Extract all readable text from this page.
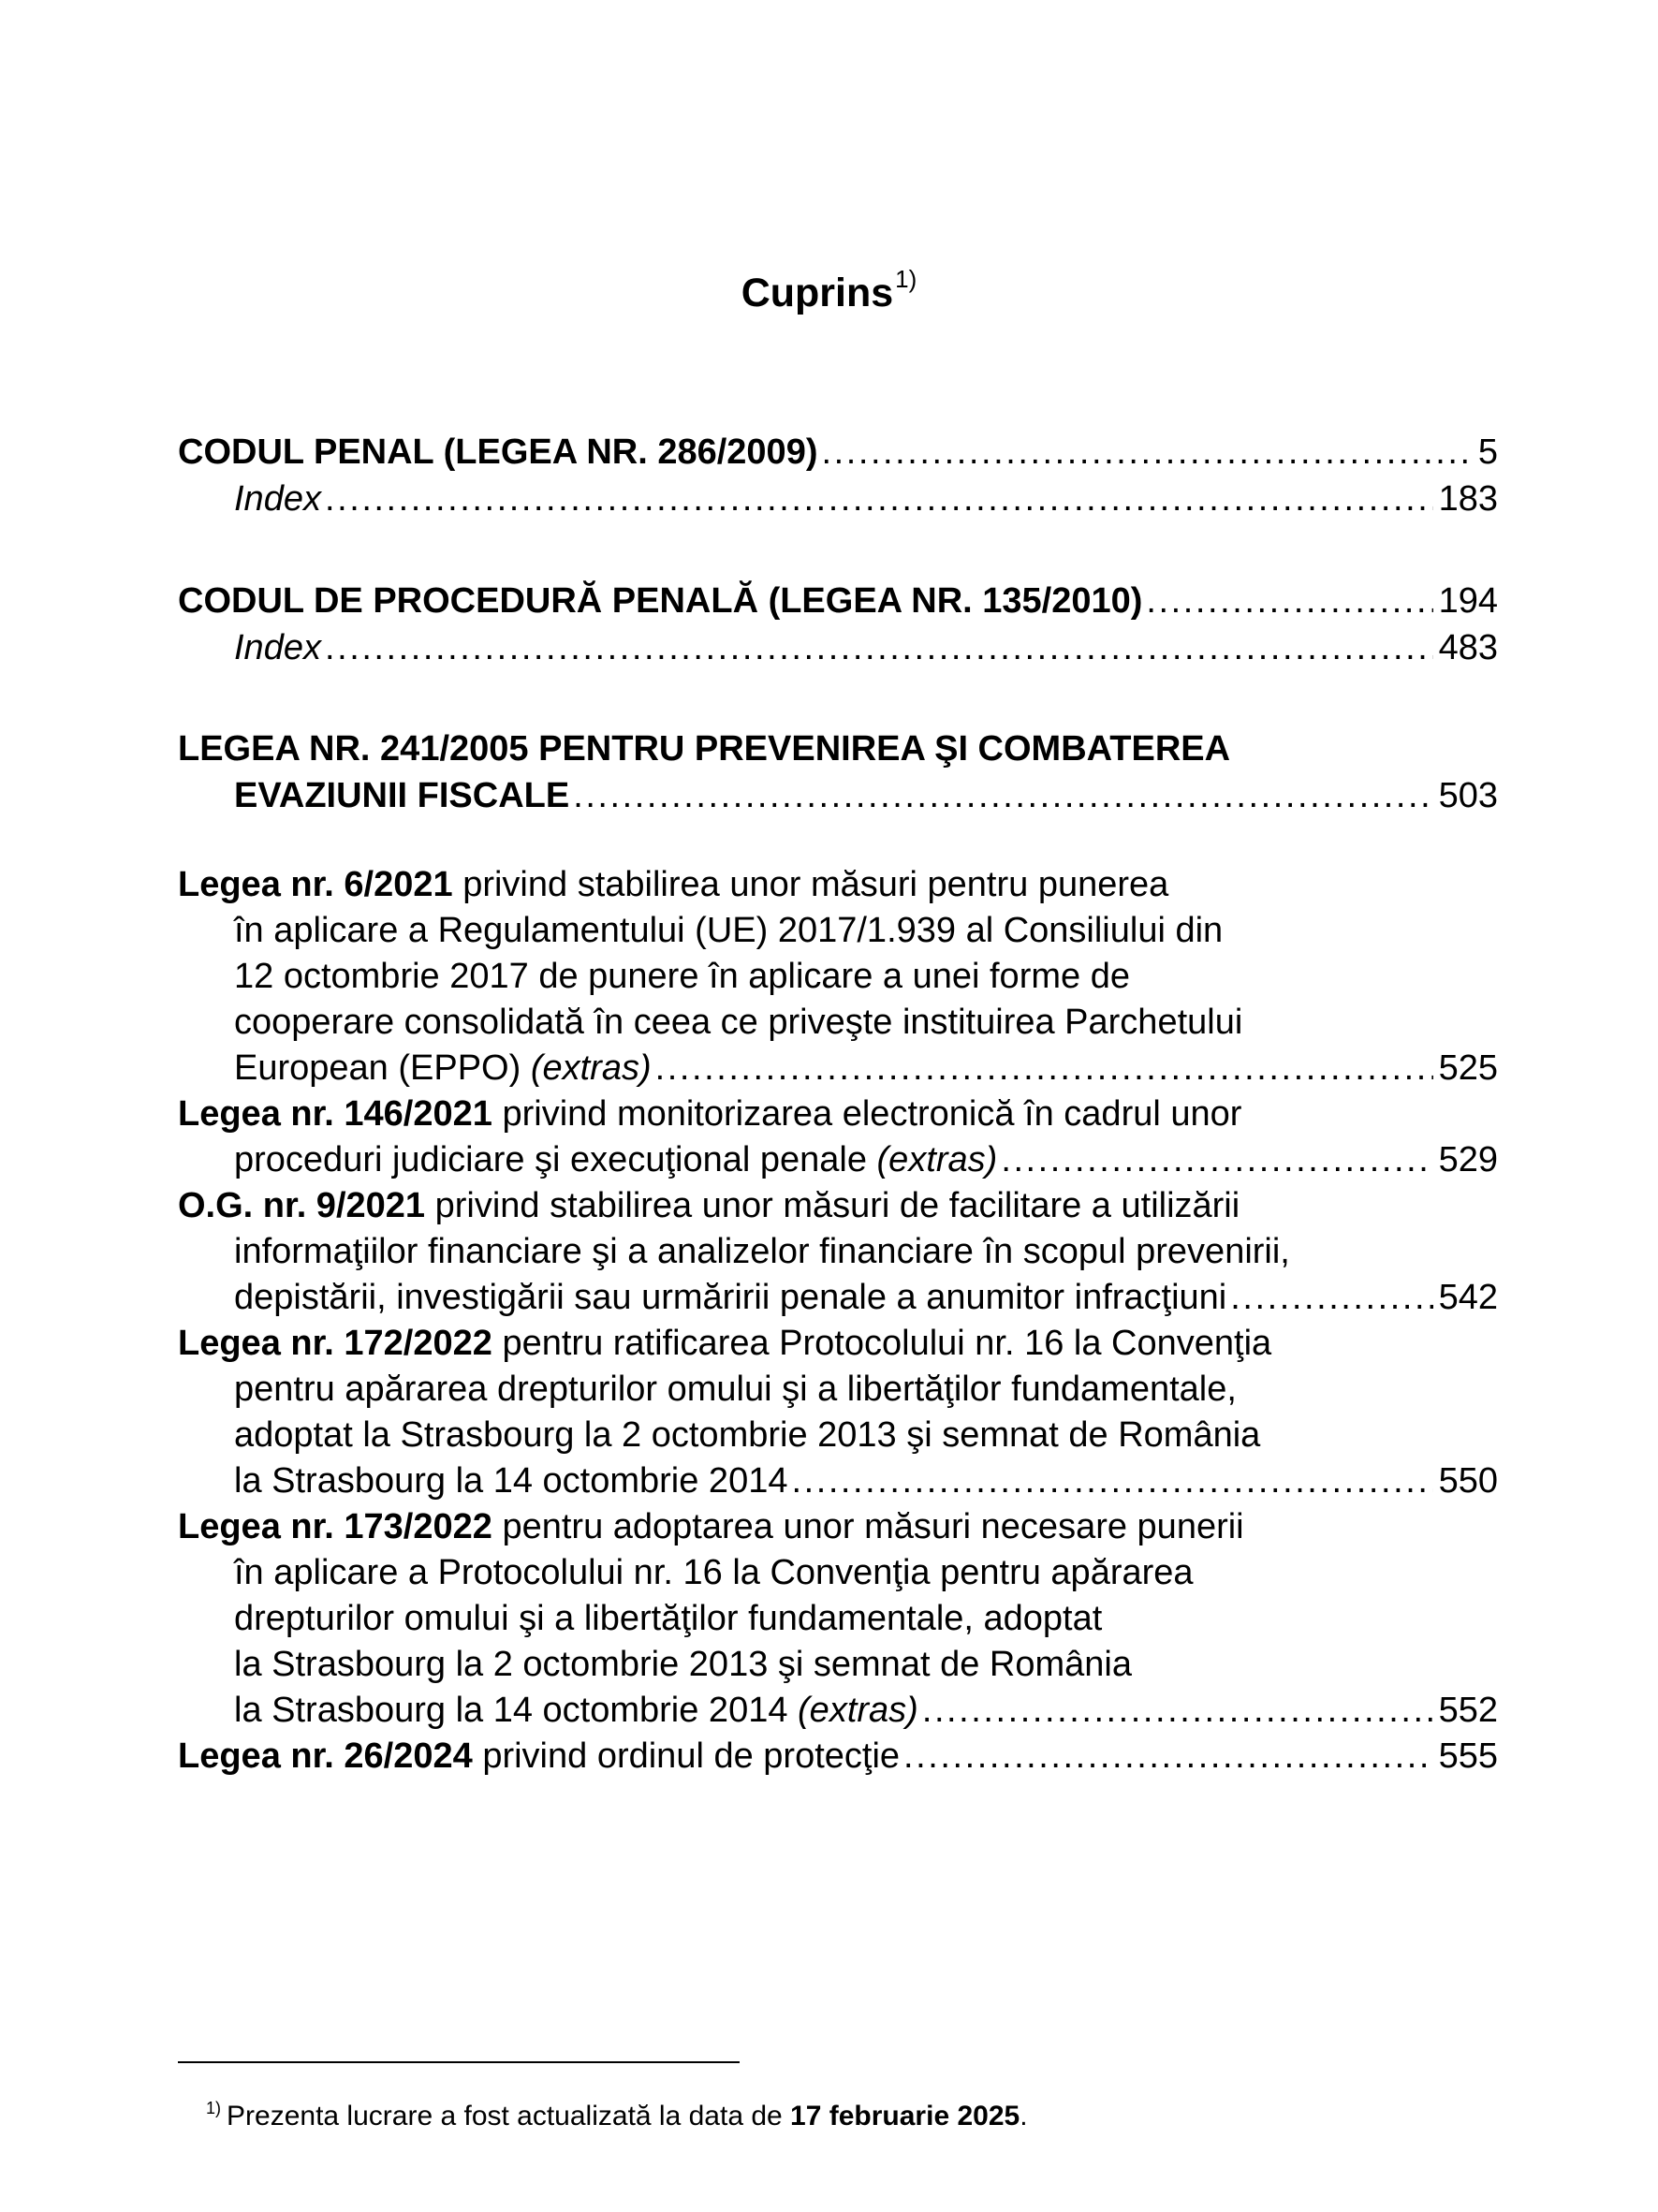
Cuprins$^{1)}$
CODUL PENAL (LEGEA NR. 286/2009) . . .	5
Index . . .	183
CODUL DE PROCEDURĂ PENALĂ (LEGEA NR. 135/2010) . . .	194
Index . . .	483
LEGEA NR. 241/2005 PENTRU PREVENIREA ŞI COMBATEREA
EVAZIUNII FISCALE . . .	503
Legea nr. 6/2021 privind stabilirea unor măsuri pentru punerea
în aplicare a Regulamentului (UE) 2017/1.939 al Consiliului din
12 octombrie 2017 de punere în aplicare a unei forme de
cooperare consolidată în ceea ce priveşte instituirea Parchetului
European (EPPO) (extras) . . .	525
Legea nr. 146/2021 privind monitorizarea electronică în cadrul unor
proceduri judiciare şi execuţional penale (extras) . . .	529
O.G. nr. 9/2021 privind stabilirea unor măsuri de facilitare a utilizării
informaţiilor financiare şi a analizelor financiare în scopul prevenirii,
depistării, investigării sau urmăririi penale a anumitor infracţiuni . . .	542
Legea nr. 172/2022 pentru ratificarea Protocolului nr. 16 la Convenţia
pentru apărarea drepturilor omului şi a libertăţilor fundamentale,
adoptat la Strasbourg la 2 octombrie 2013 şi semnat de România
la Strasbourg la 14 octombrie 2014 . . .	550
Legea nr. 173/2022 pentru adoptarea unor măsuri necesare punerii
în aplicare a Protocolului nr. 16 la Convenţia pentru apărarea
drepturilor omului şi a libertăţilor fundamentale, adoptat
la Strasbourg la 2 octombrie 2013 şi semnat de România
la Strasbourg la 14 octombrie 2014 (extras) . . .	552
Legea nr. 26/2024 privind ordinul de protecţie . . .	555
$^{1)}$ Prezenta lucrare a fost actualizată la data de 17 februarie 2025.
